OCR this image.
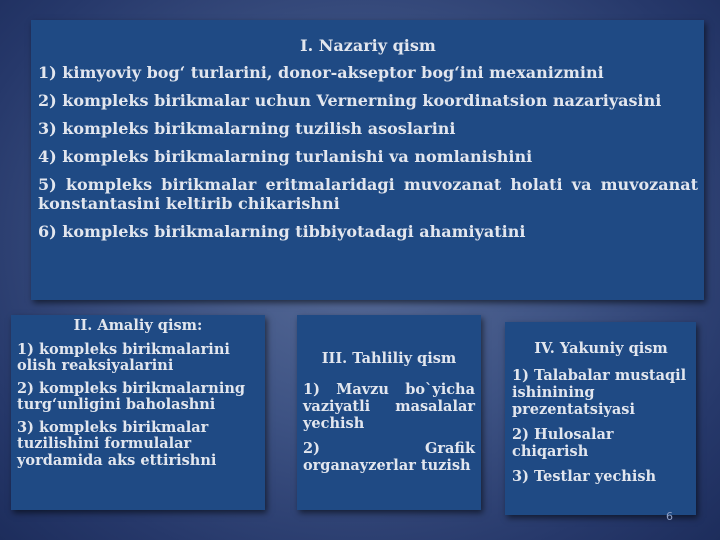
I. Nazariy qism

1) kimyoviy bog‘ turlarini, donor-akseptor bog‘ini mexanizmini

2) kompleks birikmalar uchun Vernerning koordinatsion nazariyasini

3) kompleks birikmalarning tuzilish asoslarini

4) kompleks birikmalarning turlanishi va nomlanishini

5) kompleks birikmalar eritmalaridagi muvozanat holati va muvozanat konstantasini keltirib chikarishni

6) kompleks birikmalarning tibbiyotadagi ahamiyatini

II. Amaliy qism:

1) kompleks birikmalarini olish reaksiyalarini

2) kompleks birikmalarning turg‘unligini baholashni

3) kompleks birikmalar tuzilishini formulalar yordamida aks ettirishni

III. Tahliliy qism

1) Mavzu bo`yicha vaziyatli masalalar yechish

2) Grafik organayzerlar tuzish

IV. Yakuniy qism

1) Talabalar mustaqil ishinining prezentatsiyasi

2) Hulosalar chiqarish

3) Testlar yechish

6
